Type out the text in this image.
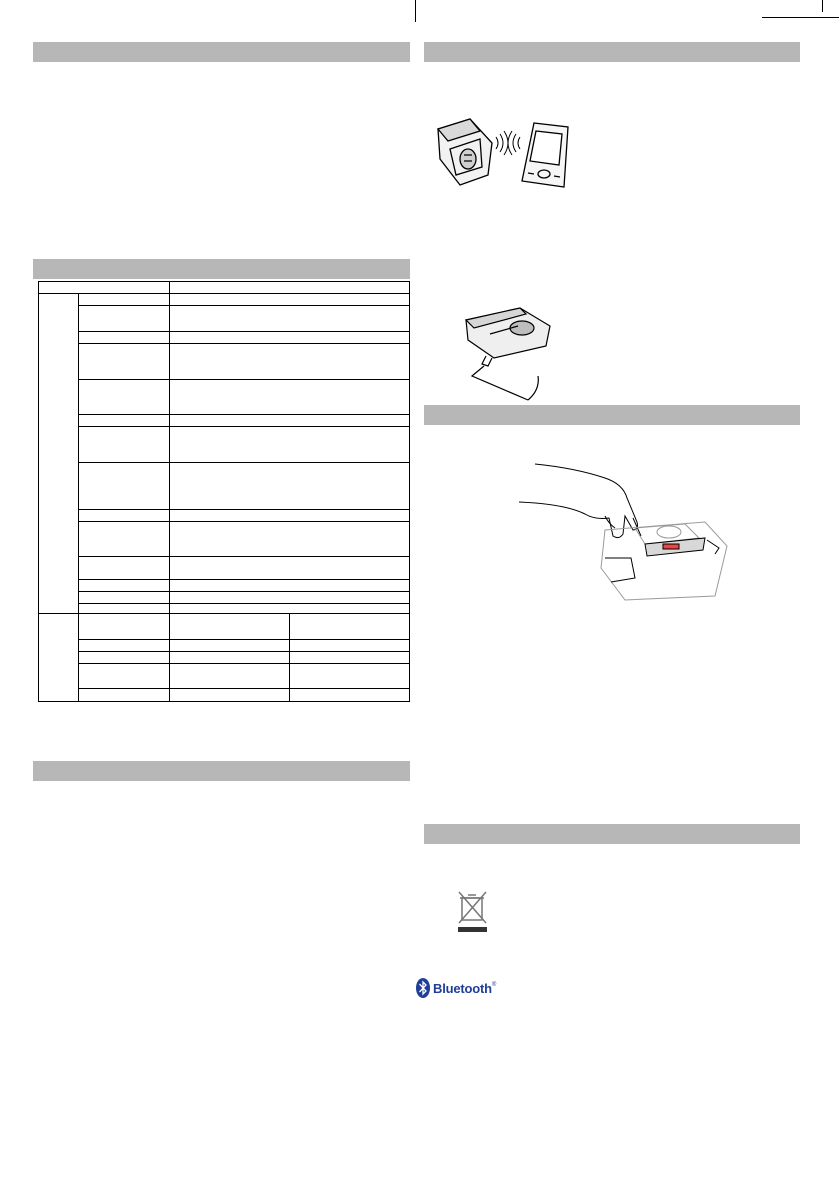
Bluetooth ®
